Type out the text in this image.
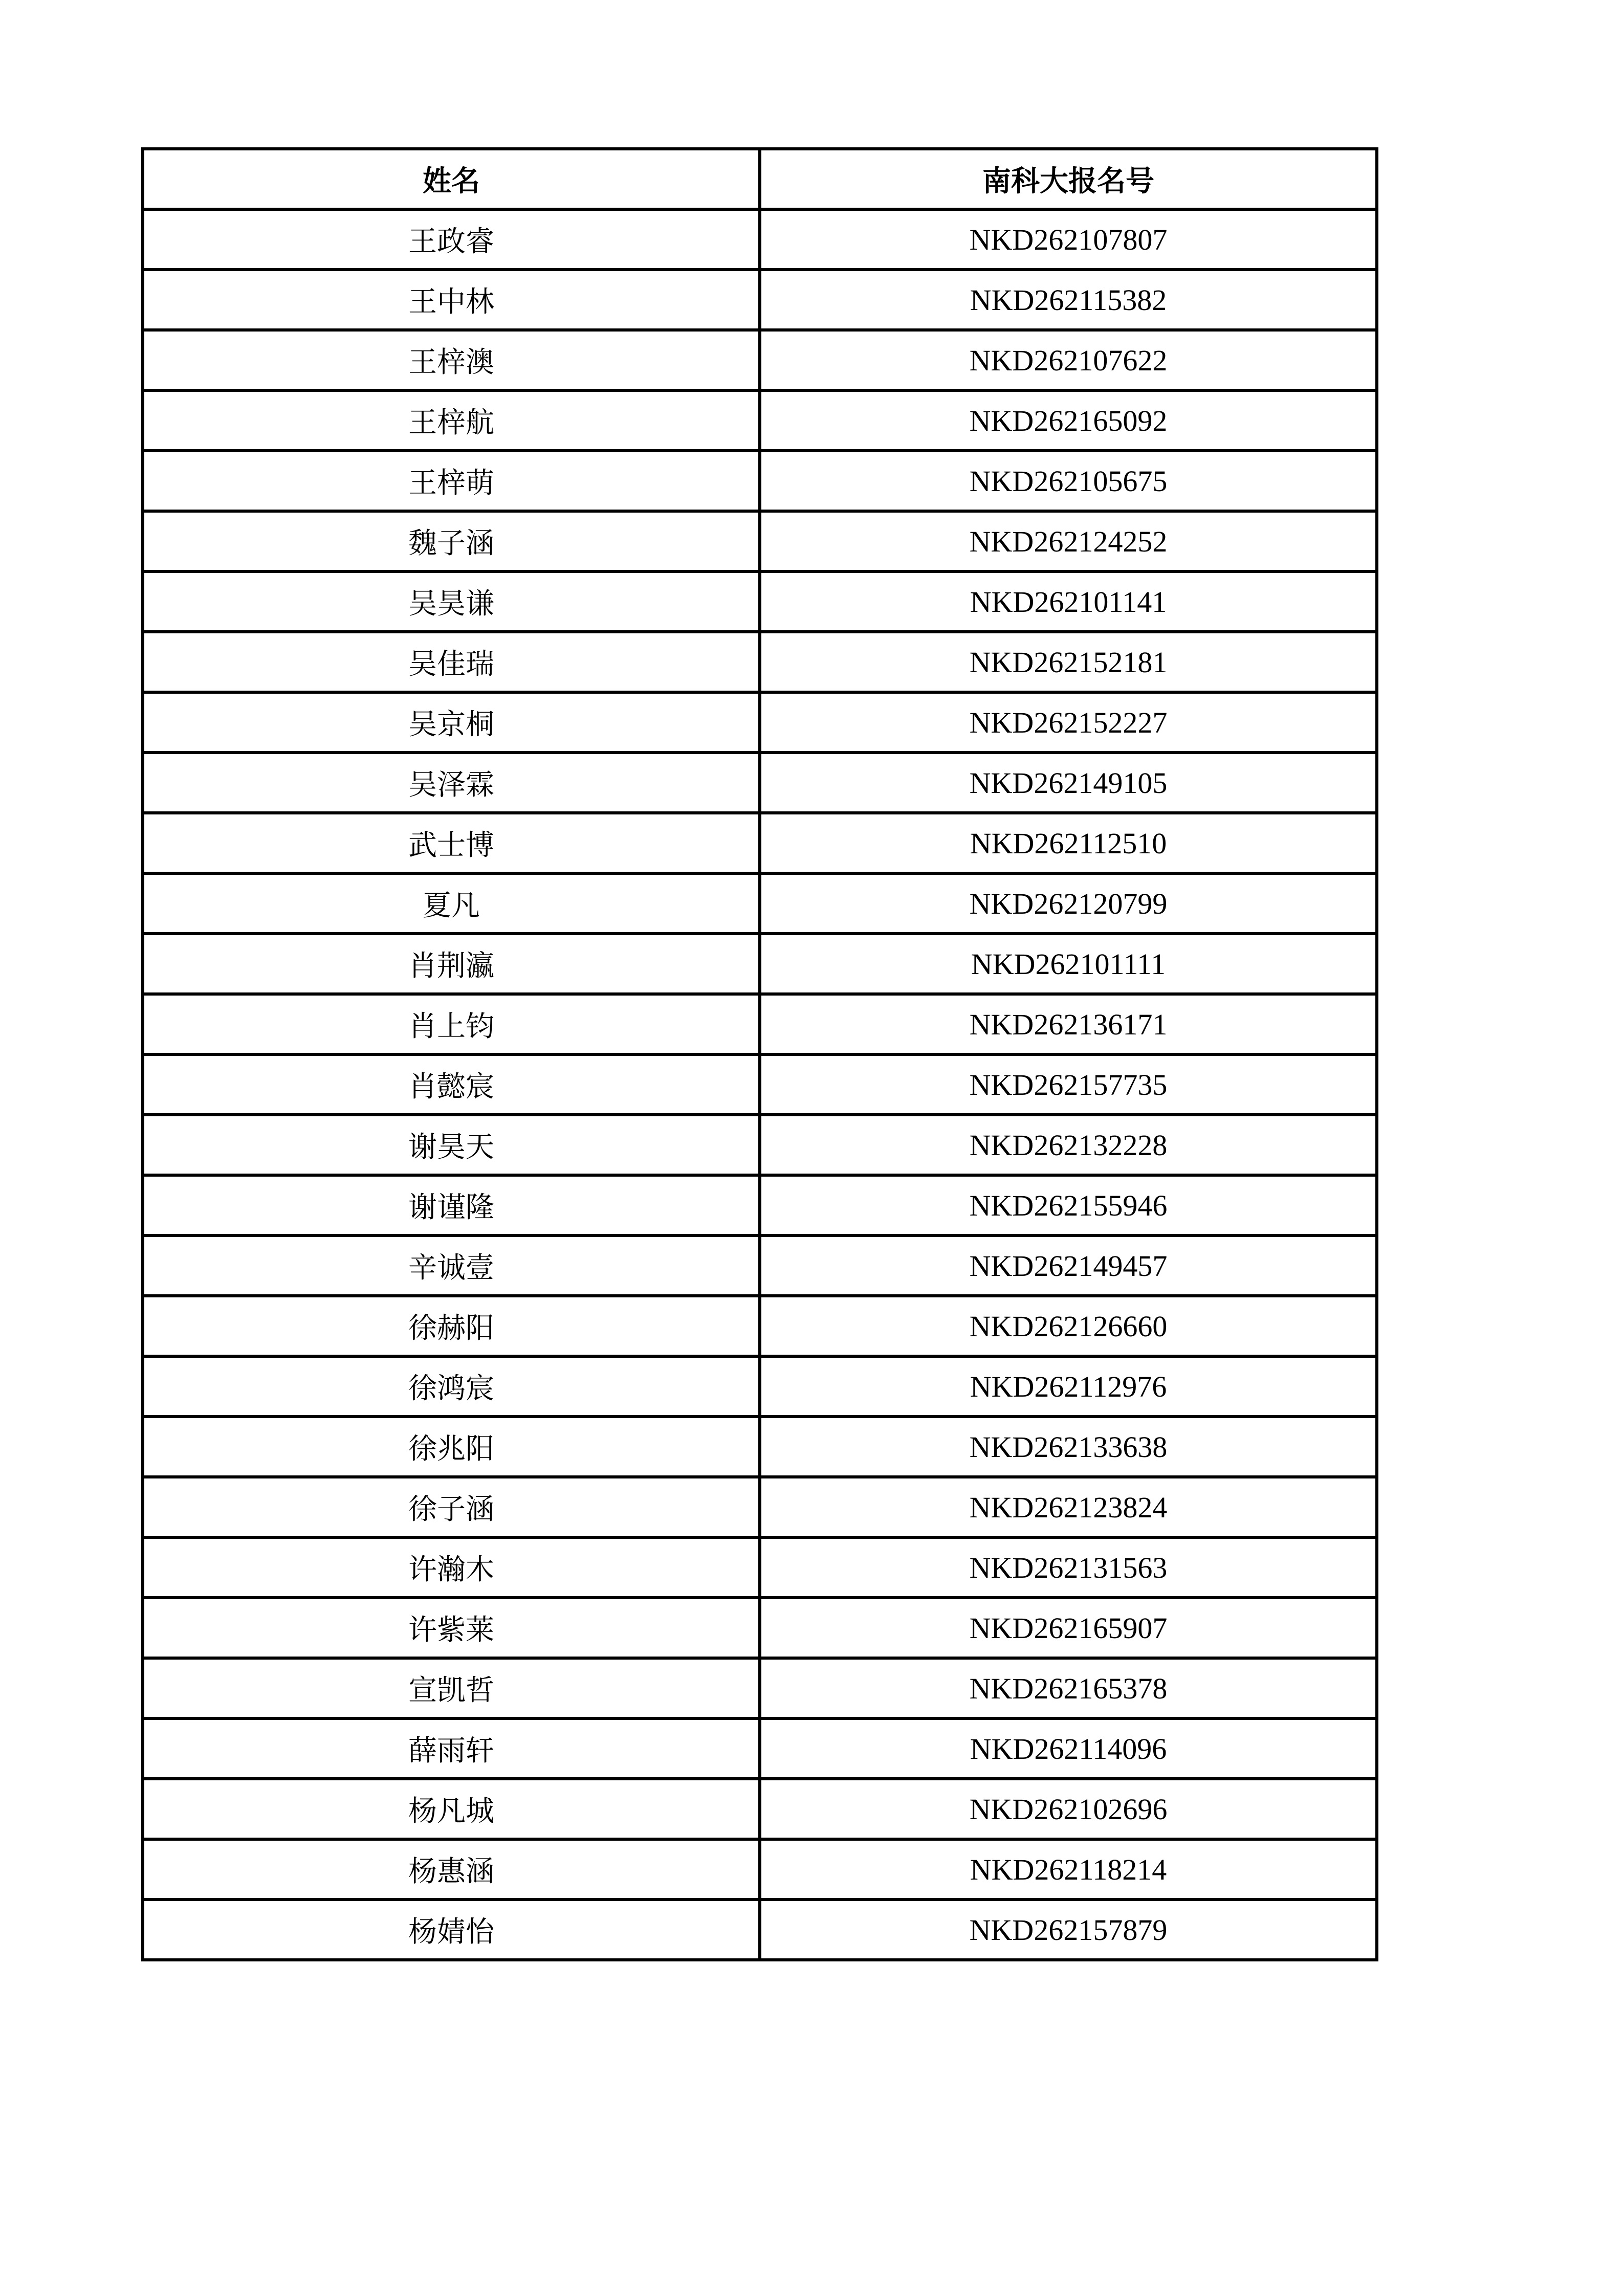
姓名	南科大报名号
王政睿	NKD262107807
王中林	NKD262115382
王梓澳	NKD262107622
王梓航	NKD262165092
王梓萌	NKD262105675
魏子涵	NKD262124252
吴昊谦	NKD262101141
吴佳瑞	NKD262152181
吴京桐	NKD262152227
吴泽霖	NKD262149105
武士博	NKD262112510
夏凡	NKD262120799
肖荆瀛	NKD262101111
肖上钧	NKD262136171
肖懿宸	NKD262157735
谢昊天	NKD262132228
谢谨隆	NKD262155946
辛诚壹	NKD262149457
徐赫阳	NKD262126660
徐鸿宸	NKD262112976
徐兆阳	NKD262133638
徐子涵	NKD262123824
许瀚木	NKD262131563
许紫莱	NKD262165907
宣凯哲	NKD262165378
薛雨轩	NKD262114096
杨凡城	NKD262102696
杨惠涵	NKD262118214
杨婧怡	NKD262157879
